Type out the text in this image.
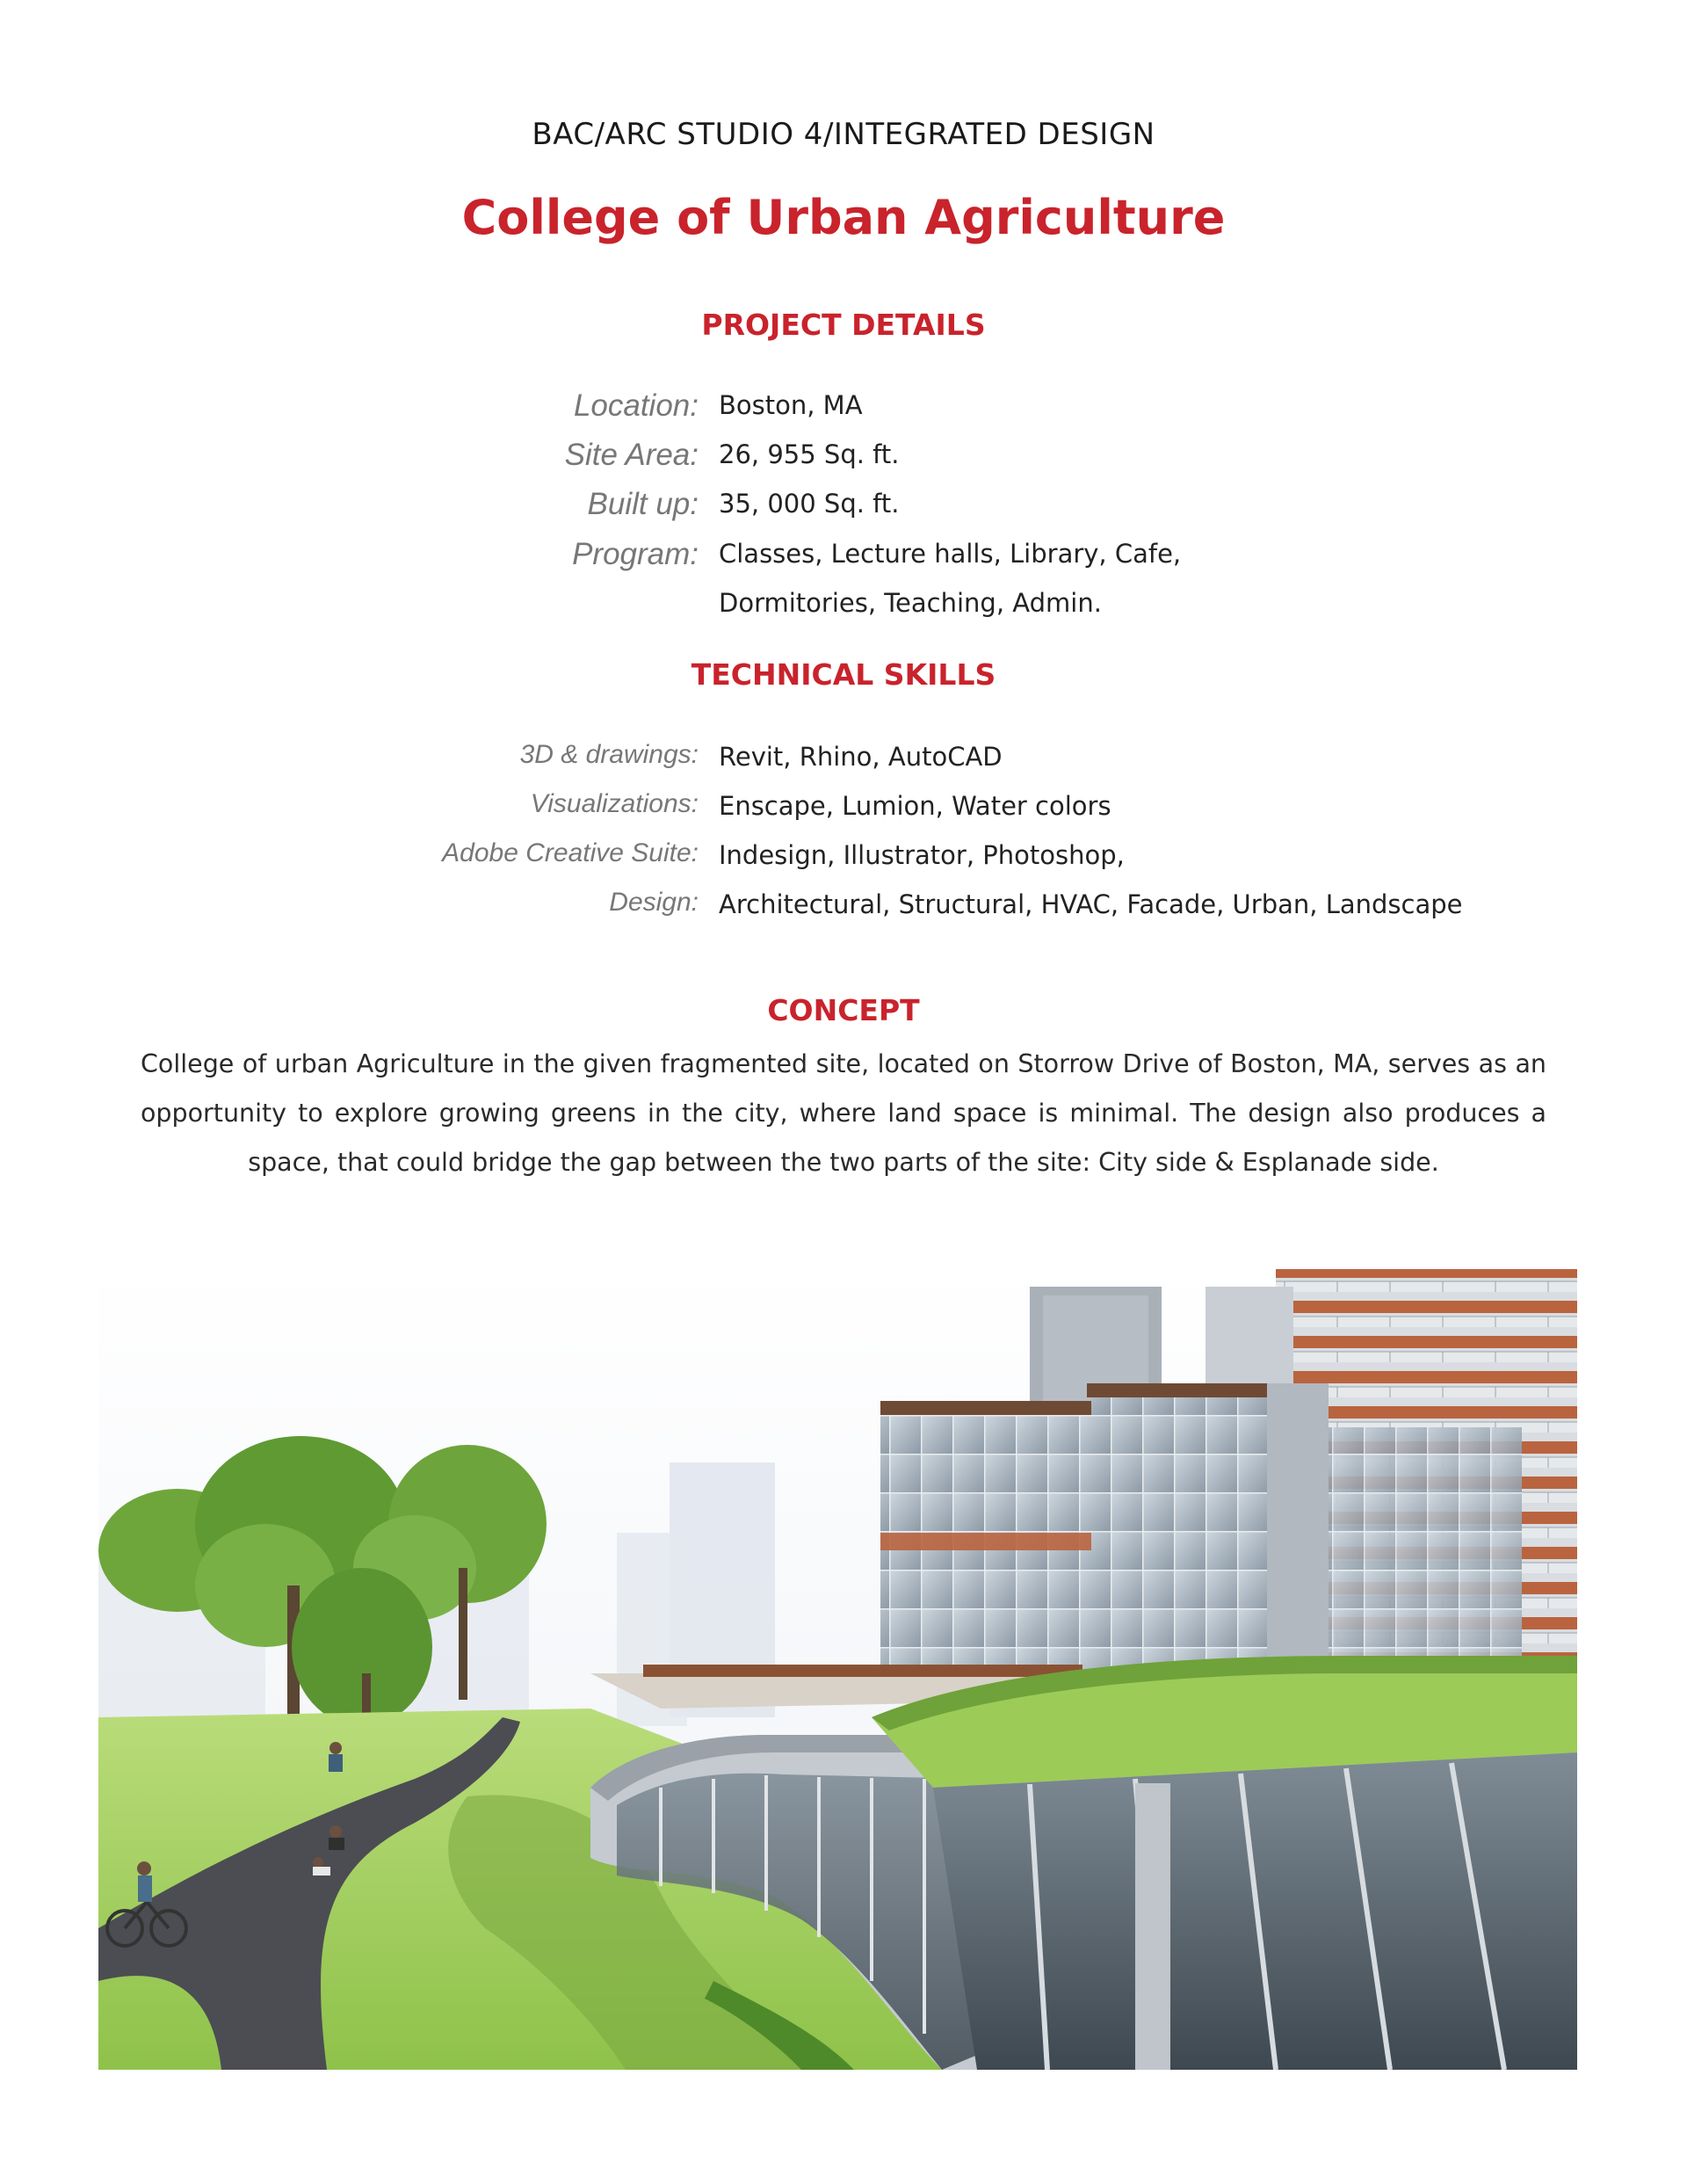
BAC/ARC STUDIO 4/INTEGRATED DESIGN
College of Urban Agriculture
PROJECT DETAILS
Location: Boston, MA
Site Area: 26, 955 Sq. ft.
Built up: 35, 000 Sq. ft.
Program: Classes, Lecture halls, Library, Cafe,
Dormitories, Teaching, Admin.
TECHNICAL SKILLS
3D & drawings: Revit, Rhino, AutoCAD
Visualizations: Enscape, Lumion, Water colors
Adobe Creative Suite: Indesign, Illustrator, Photoshop,
Design: Architectural, Structural, HVAC, Facade, Urban, Landscape
CONCEPT
College of urban Agriculture in the given fragmented site, located on Storrow Drive of Boston, MA, serves as an opportunity to explore growing greens in the city, where land space is minimal. The design also produces a space, that could bridge the gap between the two parts of the site: City side & Esplanade side.
